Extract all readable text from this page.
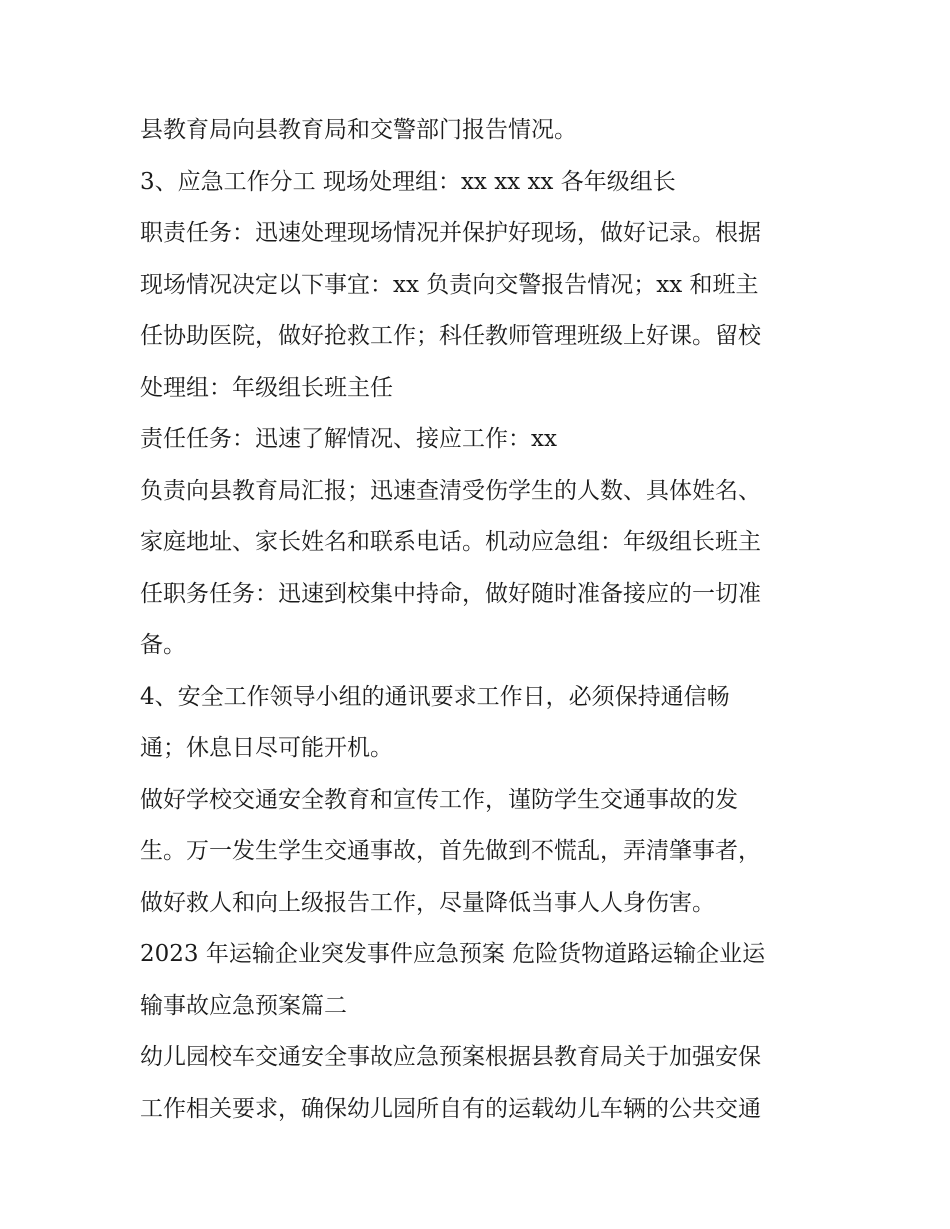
县教育局向县教育局和交警部门报告情况。
3、应急工作分工 现场处理组：xx xx xx 各年级组长
职责任务：迅速处理现场情况并保护好现场，做好记录。根据
现场情况决定以下事宜：xx 负责向交警报告情况；xx 和班主
任协助医院，做好抢救工作；科任教师管理班级上好课。留校
处理组：年级组长班主任
责任任务：迅速了解情况、接应工作：xx
负责向县教育局汇报；迅速查清受伤学生的人数、具体姓名、
家庭地址、家长姓名和联系电话。机动应急组：年级组长班主
任职务任务：迅速到校集中持命，做好随时准备接应的一切准
备。
4、安全工作领导小组的通讯要求工作日，必须保持通信畅
通；休息日尽可能开机。
做好学校交通安全教育和宣传工作，谨防学生交通事故的发
生。万一发生学生交通事故，首先做到不慌乱，弄清肇事者，
做好救人和向上级报告工作，尽量降低当事人人身伤害。
2023 年运输企业突发事件应急预案 危险货物道路运输企业运
输事故应急预案篇二
幼儿园校车交通安全事故应急预案根据县教育局关于加强安保
工作相关要求，确保幼儿园所自有的运载幼儿车辆的公共交通
